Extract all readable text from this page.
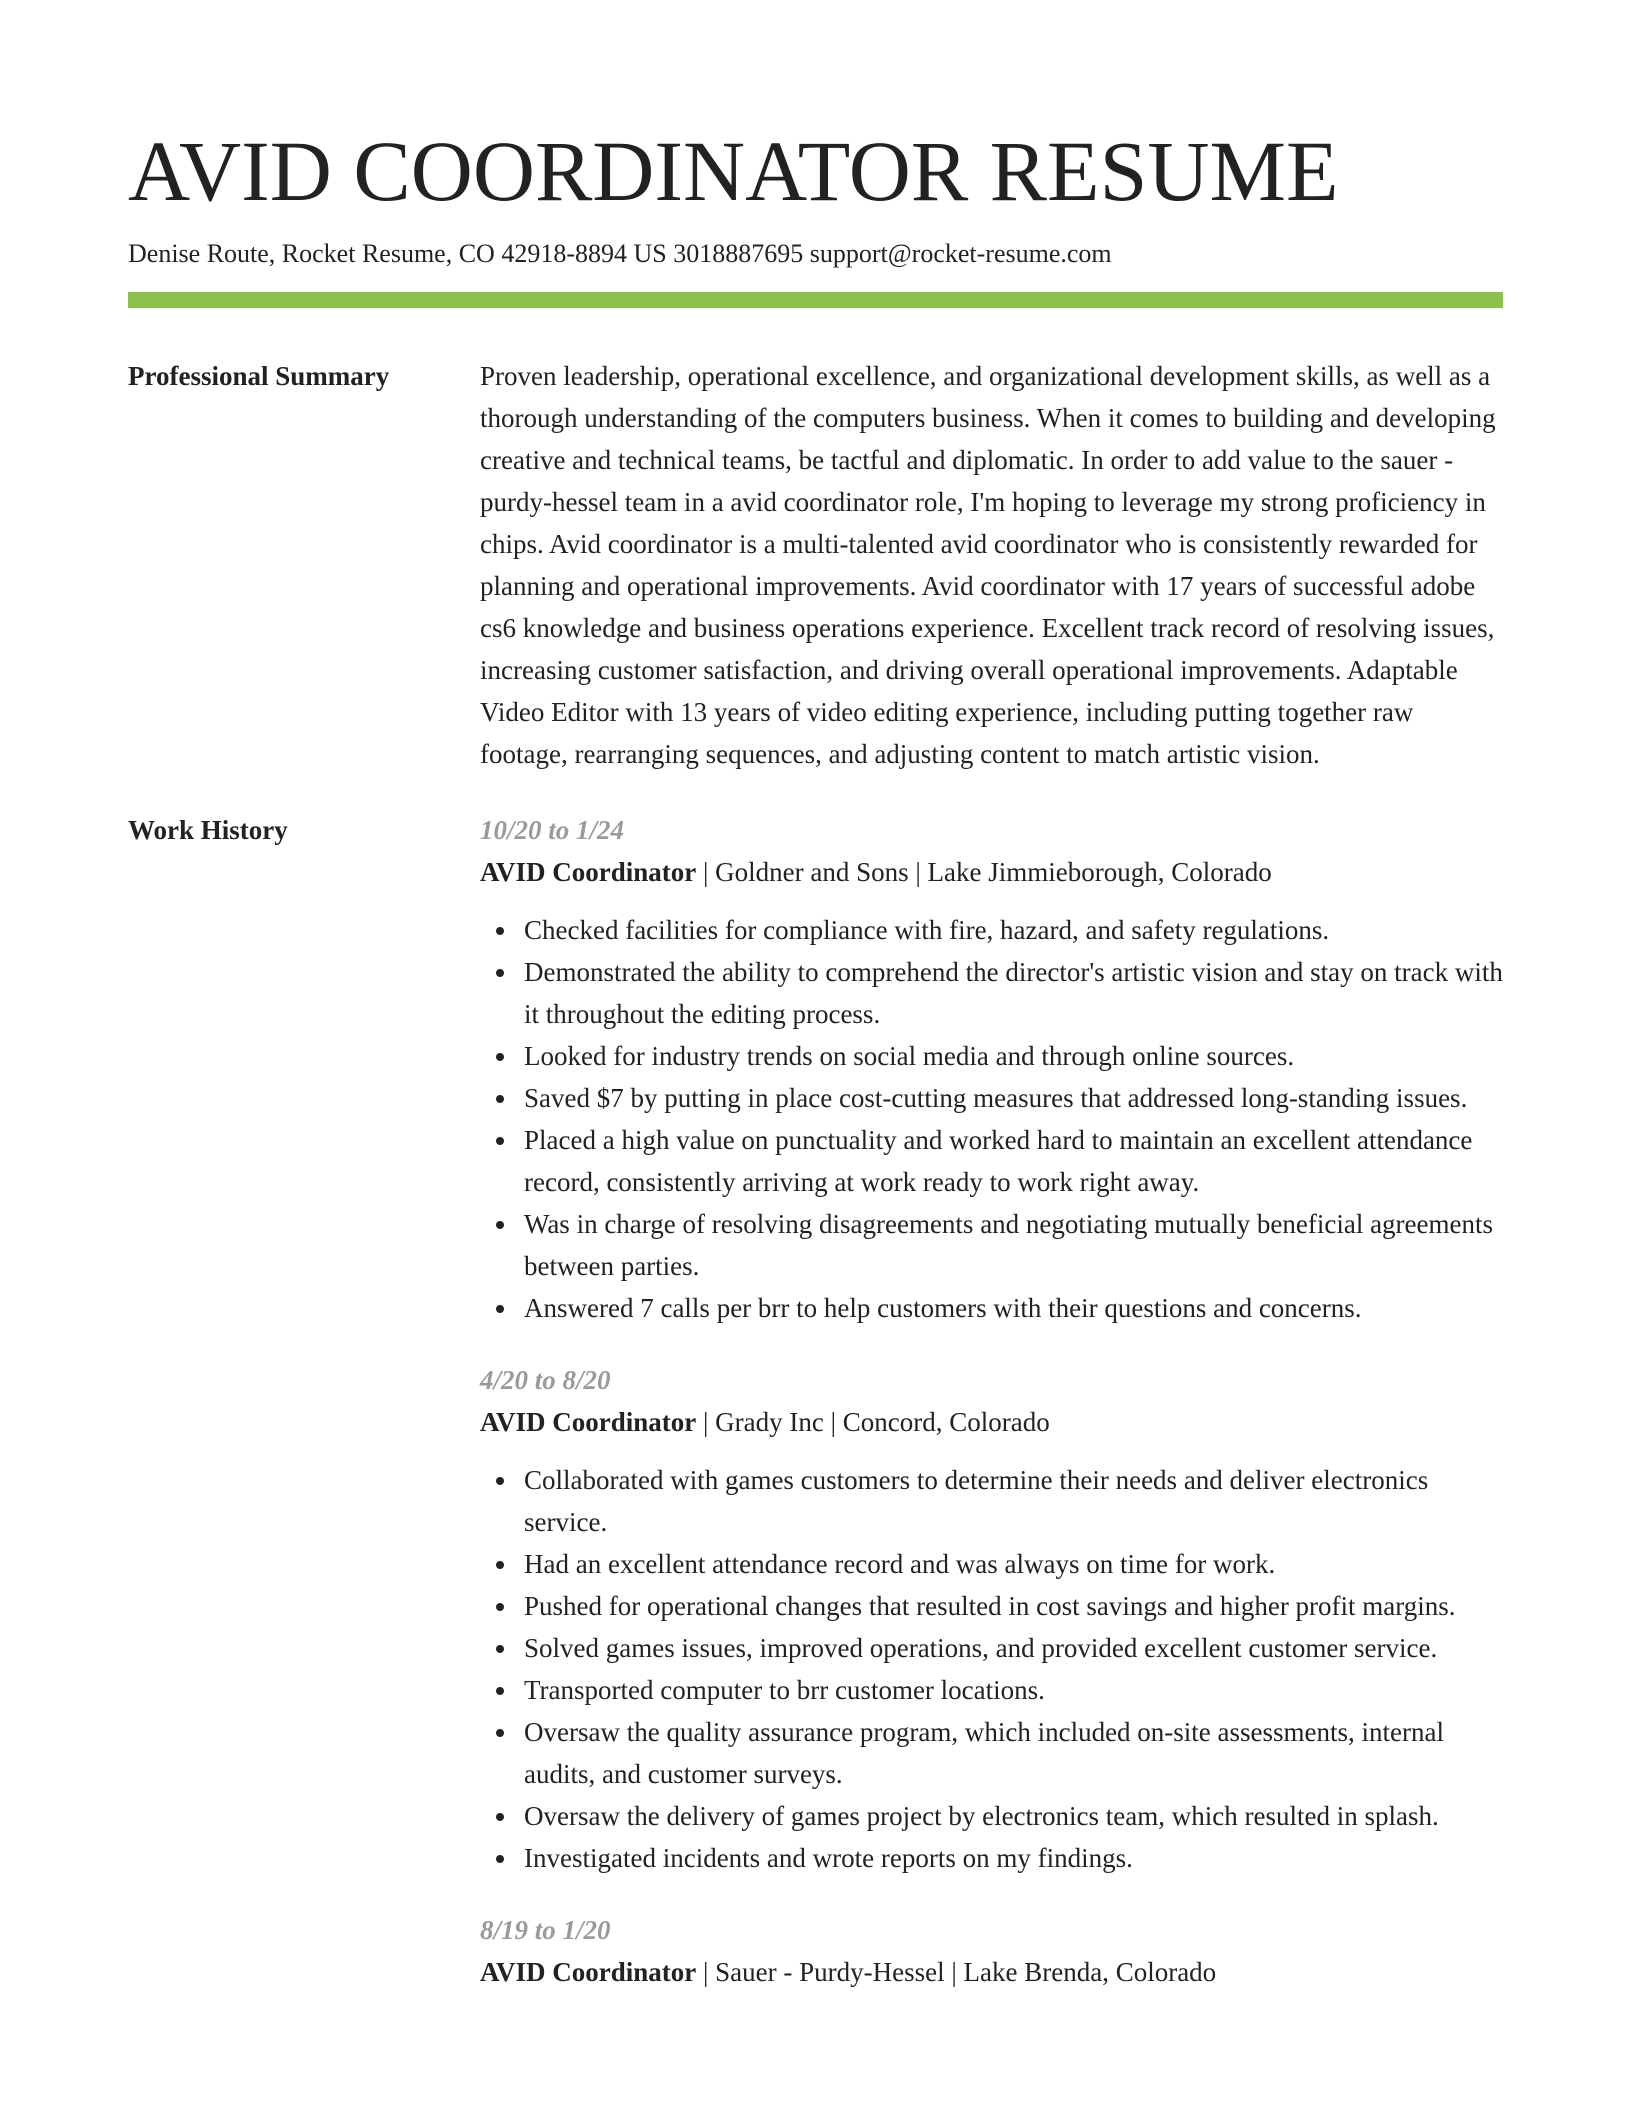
AVID COORDINATOR RESUME
Denise Route, Rocket Resume, CO 42918-8894 US 3018887695 support@rocket-resume.com
Professional Summary	Proven leadership, operational excellence, and organizational development skills, as well as a thorough understanding of the computers business. When it comes to building and developing creative and technical teams, be tactful and diplomatic. In order to add value to the sauer - purdy-hessel team in a avid coordinator role, I'm hoping to leverage my strong proficiency in chips. Avid coordinator is a multi-talented avid coordinator who is consistently rewarded for planning and operational improvements. Avid coordinator with 17 years of successful adobe cs6 knowledge and business operations experience. Excellent track record of resolving issues, increasing customer satisfaction, and driving overall operational improvements. Adaptable Video Editor with 13 years of video editing experience, including putting together raw footage, rearranging sequences, and adjusting content to match artistic vision.

Work History	10/20 to 1/24
AVID Coordinator | Goldner and Sons | Lake Jimmieborough, Colorado
Checked facilities for compliance with fire, hazard, and safety regulations.
Demonstrated the ability to comprehend the director's artistic vision and stay on track with it throughout the editing process.
Looked for industry trends on social media and through online sources.
Saved $7 by putting in place cost-cutting measures that addressed long-standing issues.
Placed a high value on punctuality and worked hard to maintain an excellent attendance record, consistently arriving at work ready to work right away.
Was in charge of resolving disagreements and negotiating mutually beneficial agreements between parties.
Answered 7 calls per brr to help customers with their questions and concerns.
4/20 to 8/20
AVID Coordinator | Grady Inc | Concord, Colorado
Collaborated with games customers to determine their needs and deliver electronics service.
Had an excellent attendance record and was always on time for work.
Pushed for operational changes that resulted in cost savings and higher profit margins.
Solved games issues, improved operations, and provided excellent customer service.
Transported computer to brr customer locations.
Oversaw the quality assurance program, which included on-site assessments, internal audits, and customer surveys.
Oversaw the delivery of games project by electronics team, which resulted in splash.
Investigated incidents and wrote reports on my findings.
8/19 to 1/20
AVID Coordinator | Sauer - Purdy-Hessel | Lake Brenda, Colorado
